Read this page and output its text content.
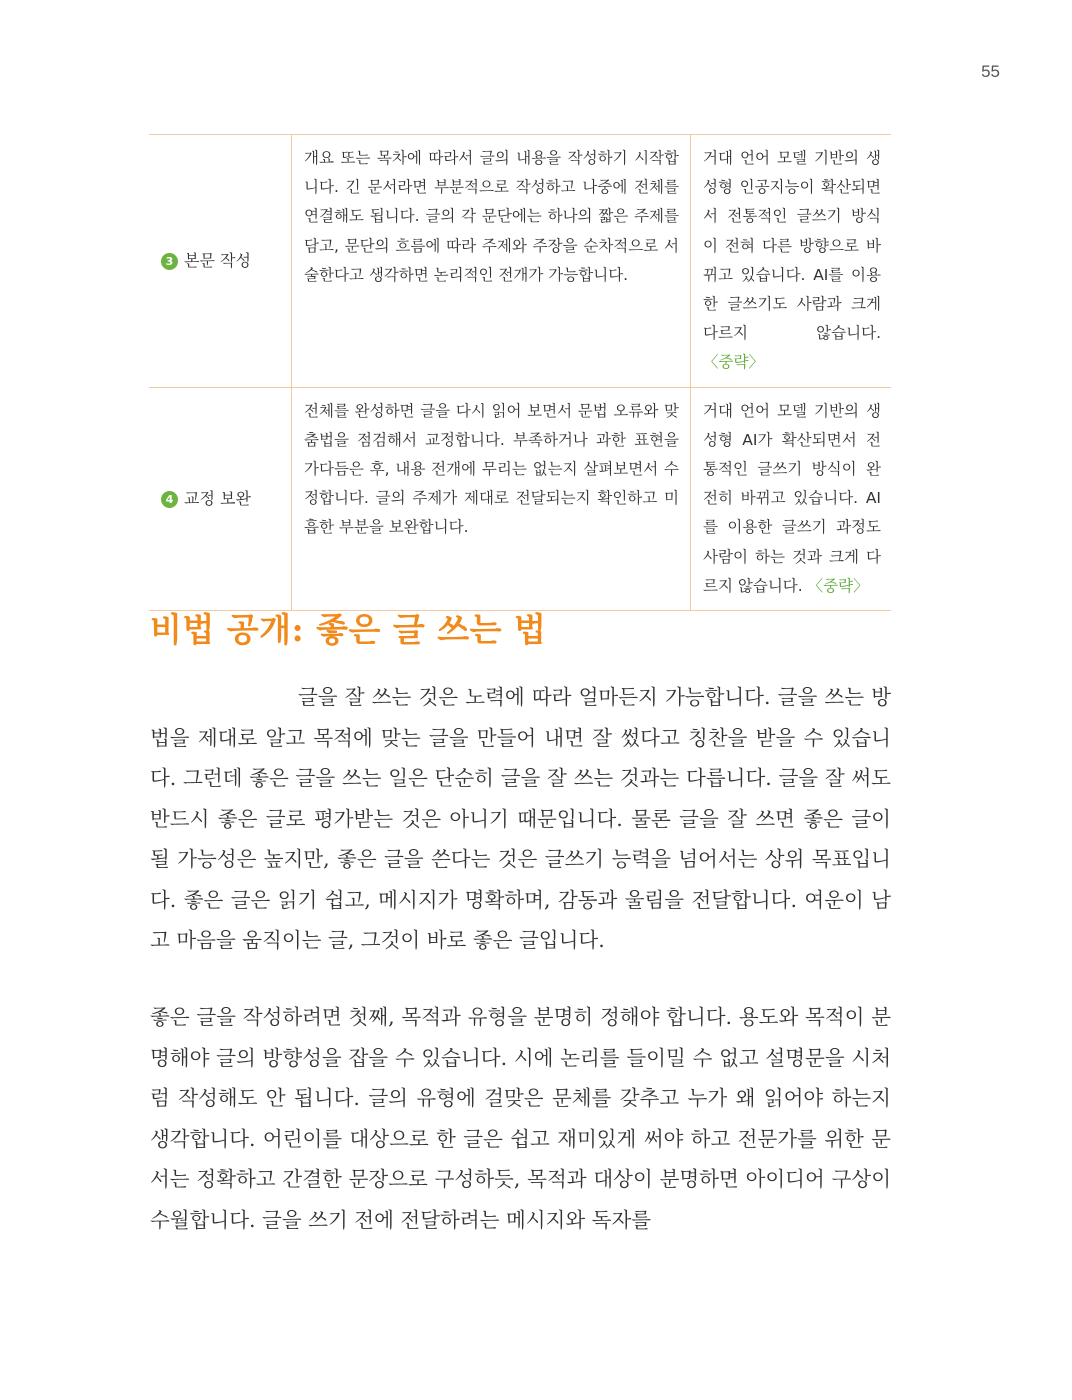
55
3 본문 작성	개요 또는 목차에 따라서 글의 내용을 작성하기 시작합니다. 긴 문서라면 부분적으로 작성하고 나중에 전체를 연결해도 됩니다. 글의 각 문단에는 하나의 짧은 주제를 담고, 문단의 흐름에 따라 주제와 주장을 순차적으로 서술한다고 생각하면 논리적인 전개가 가능합니다.	거대 언어 모델 기반의 생성형 인공지능이 확산되면서 전통적인 글쓰기 방식이 전혀 다른 방향으로 바뀌고 있습니다. AI를 이용한 글쓰기도 사람과 크게 다르지 않습니다. 〈중략〉
4 교정 보완	전체를 완성하면 글을 다시 읽어 보면서 문법 오류와 맞춤법을 점검해서 교정합니다. 부족하거나 과한 표현을 가다듬은 후, 내용 전개에 무리는 없는지 살펴보면서 수정합니다. 글의 주제가 제대로 전달되는지 확인하고 미흡한 부분을 보완합니다.	거대 언어 모델 기반의 생성형 AI가 확산되면서 전통적인 글쓰기 방식이 완전히 바뀌고 있습니다. AI를 이용한 글쓰기 과정도 사람이 하는 것과 크게 다르지 않습니다. 〈중략〉
비법 공개: 좋은 글 쓰는 법

글을 잘 쓰는 것은 노력에 따라 얼마든지 가능합니다. 글을 쓰는 방법을 제대로 알고 목적에 맞는 글을 만들어 내면 잘 썼다고 칭찬을 받을 수 있습니다. 그런데 좋은 글을 쓰는 일은 단순히 글을 잘 쓰는 것과는 다릅니다. 글을 잘 써도 반드시 좋은 글로 평가받는 것은 아니기 때문입니다. 물론 글을 잘 쓰면 좋은 글이 될 가능성은 높지만, 좋은 글을 쓴다는 것은 글쓰기 능력을 넘어서는 상위 목표입니다. 좋은 글은 읽기 쉽고, 메시지가 명확하며, 감동과 울림을 전달합니다. 여운이 남고 마음을 움직이는 글, 그것이 바로 좋은 글입니다.

좋은 글을 작성하려면 첫째, 목적과 유형을 분명히 정해야 합니다. 용도와 목적이 분명해야 글의 방향성을 잡을 수 있습니다. 시에 논리를 들이밀 수 없고 설명문을 시처럼 작성해도 안 됩니다. 글의 유형에 걸맞은 문체를 갖추고 누가 왜 읽어야 하는지 생각합니다. 어린이를 대상으로 한 글은 쉽고 재미있게 써야 하고 전문가를 위한 문서는 정확하고 간결한 문장으로 구성하듯, 목적과 대상이 분명하면 아이디어 구상이 수월합니다. 글을 쓰기 전에 전달하려는 메시지와 독자를
